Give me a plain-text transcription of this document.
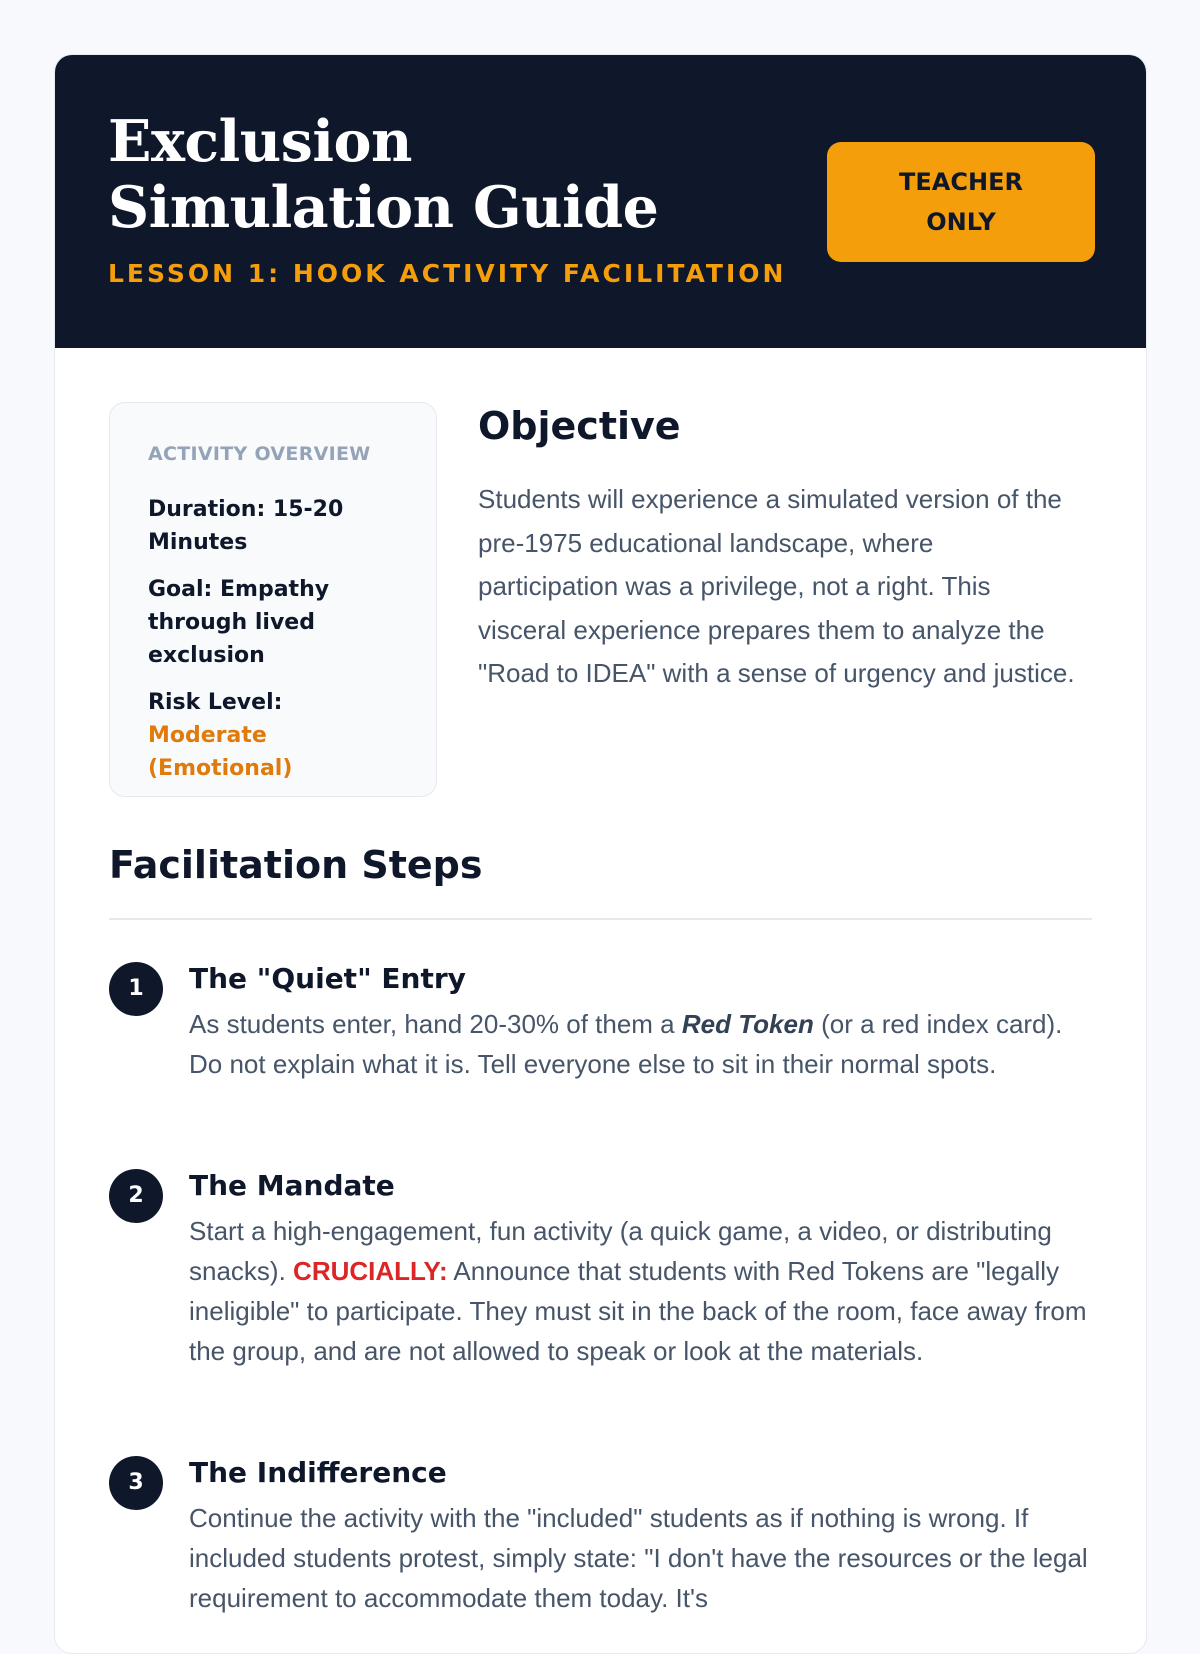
Exclusion Simulation Guide
LESSON 1: HOOK ACTIVITY FACILITATION
TEACHER ONLY
ACTIVITY OVERVIEW
Duration: 15-20 Minutes
Goal: Empathy through lived exclusion
Risk Level: Moderate (Emotional)
Objective

Students will experience a simulated version of the pre-1975 educational landscape, where participation was a privilege, not a right. This visceral experience prepares them to analyze the "Road to IDEA" with a sense of urgency and justice.

Facilitation Steps
1	The "Quiet" Entry

As students enter, hand 20-30% of them a Red Token (or a red index card). Do not explain what it is. Tell everyone else to sit in their normal spots.

2	The Mandate

Start a high-engagement, fun activity (a quick game, a video, or distributing snacks). CRUCIALLY: Announce that students with Red Tokens are "legally ineligible" to participate. They must sit in the back of the room, face away from the group, and are not allowed to speak or look at the materials.

3	The Indifference

Continue the activity with the "included" students as if nothing is wrong. If included students protest, simply state: "I don't have the resources or the legal requirement to accommodate them today. It's
